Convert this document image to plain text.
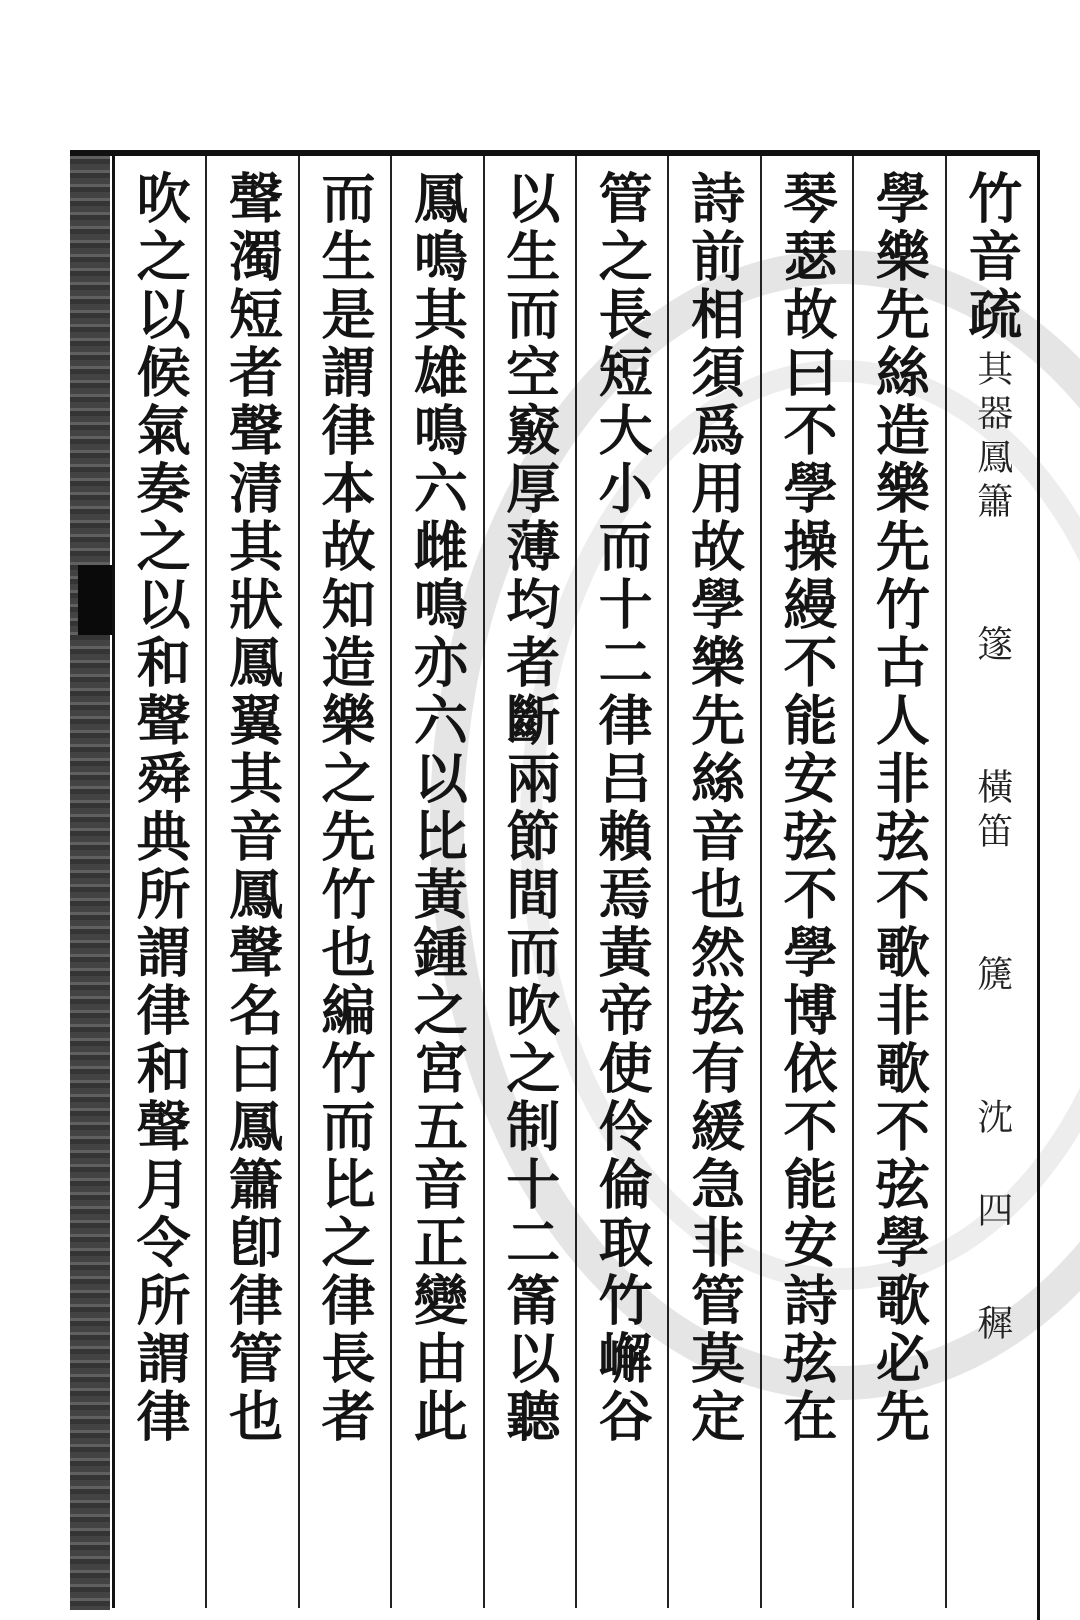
竹音疏
其器鳳簫 篴 橫笛 篪 沈 四 穉
學樂先絲造樂先竹古人非弦不歌非歌不弦學歌必先
琴瑟故曰不學操縵不能安弦不學博依不能安詩弦在
詩前相須爲用故學樂先絲音也然弦有緩急非管莫定
管之長短大小而十二律吕賴焉黃帝使伶倫取竹嶰谷
以生而空竅厚薄均者斷兩節間而吹之制十二筩以聽
鳳鳴其雄鳴六雌鳴亦六以比黃鍾之宮五音正變由此
而生是謂律本故知造樂之先竹也編竹而比之律長者
聲濁短者聲清其狀鳳翼其音鳳聲名曰鳳簫卽律管也
吹之以候氣奏之以和聲舜典所謂律和聲月令所謂律
